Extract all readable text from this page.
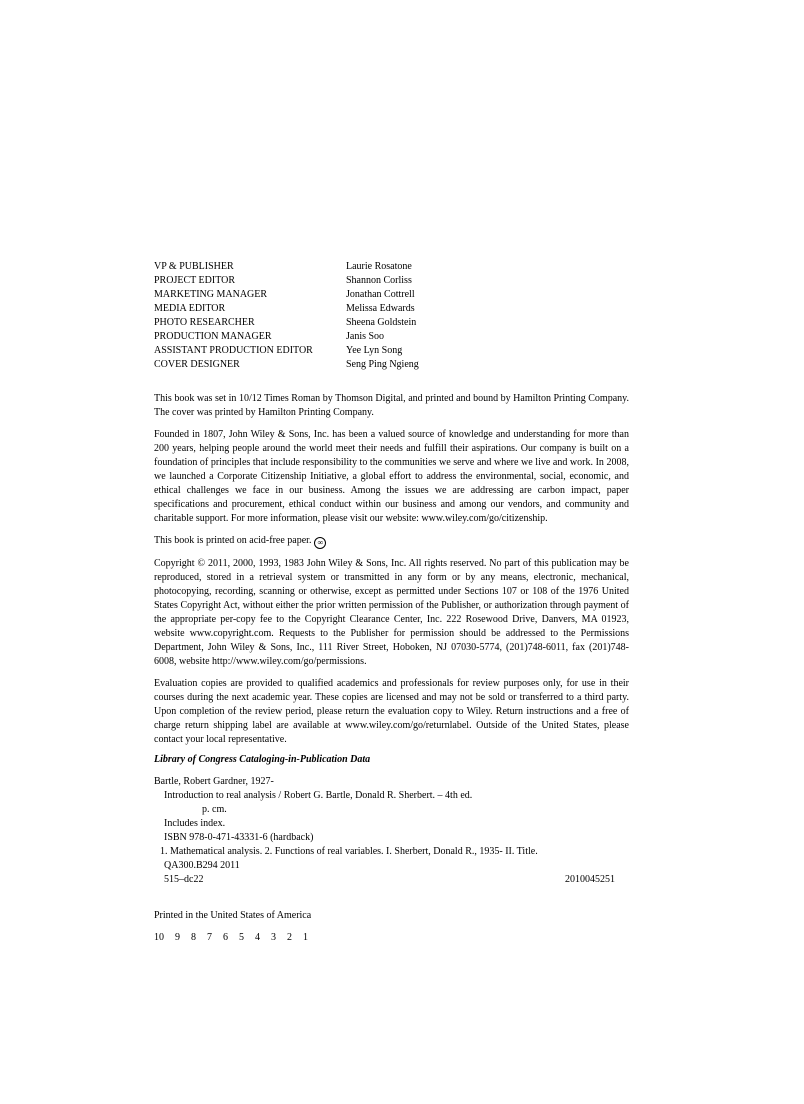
VP & PUBLISHER	Laurie Rosatone
PROJECT EDITOR	Shannon Corliss
MARKETING MANAGER	Jonathan Cottrell
MEDIA EDITOR	Melissa Edwards
PHOTO RESEARCHER	Sheena Goldstein
PRODUCTION MANAGER	Janis Soo
ASSISTANT PRODUCTION EDITOR	Yee Lyn Song
COVER DESIGNER	Seng Ping Ngieng

This book was set in 10/12 Times Roman by Thomson Digital, and printed and bound by Hamilton Printing Company. The cover was printed by Hamilton Printing Company.

Founded in 1807, John Wiley & Sons, Inc. has been a valued source of knowledge and understanding for more than 200 years, helping people around the world meet their needs and fulfill their aspirations. Our company is built on a foundation of principles that include responsibility to the communities we serve and where we live and work. In 2008, we launched a Corporate Citizenship Initiative, a global effort to address the environmental, social, economic, and ethical challenges we face in our business. Among the issues we are addressing are carbon impact, paper specifications and procurement, ethical conduct within our business and among our vendors, and community and charitable support. For more information, please visit our website: www.wiley.com/go/citizenship.

This book is printed on acid-free paper. ∞

Copyright © 2011, 2000, 1993, 1983 John Wiley & Sons, Inc. All rights reserved. No part of this publication may be reproduced, stored in a retrieval system or transmitted in any form or by any means, electronic, mechanical, photocopying, recording, scanning or otherwise, except as permitted under Sections 107 or 108 of the 1976 United States Copyright Act, without either the prior written permission of the Publisher, or authorization through payment of the appropriate per-copy fee to the Copyright Clearance Center, Inc. 222 Rosewood Drive, Danvers, MA 01923, website www.copyright.com. Requests to the Publisher for permission should be addressed to the Permissions Department, John Wiley & Sons, Inc., 111 River Street, Hoboken, NJ 07030-5774, (201)748-6011, fax (201)748-6008, website http://www.wiley.com/go/permissions.

Evaluation copies are provided to qualified academics and professionals for review purposes only, for use in their courses during the next academic year. These copies are licensed and may not be sold or transferred to a third party. Upon completion of the review period, please return the evaluation copy to Wiley. Return instructions and a free of charge return shipping label are available at www.wiley.com/go/returnlabel. Outside of the United States, please contact your local representative.

Library of Congress Cataloging-in-Publication Data
Bartle, Robert Gardner, 1927-
Introduction to real analysis / Robert G. Bartle, Donald R. Sherbert. – 4th ed.
p. cm.
Includes index.
ISBN 978-0-471-43331-6 (hardback)
1. Mathematical analysis. 2. Functions of real variables. I. Sherbert, Donald R., 1935- II. Title.
QA300.B294 2011
515–dc22	2010045251
Printed in the United States of America
10  9  8  7  6  5  4  3  2  1
